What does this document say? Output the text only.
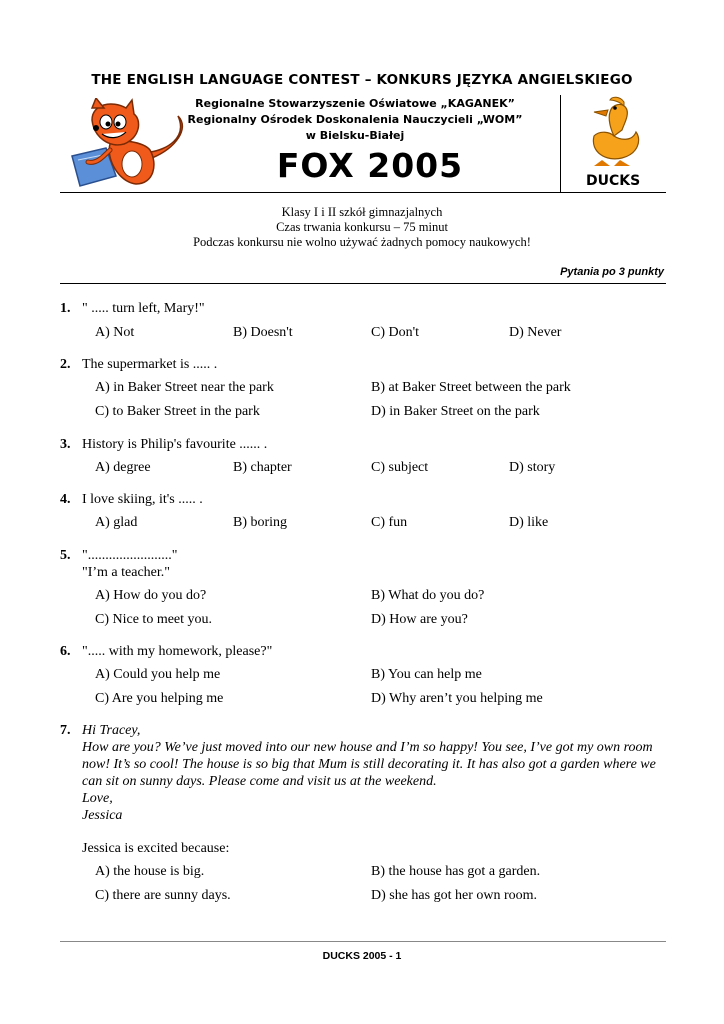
THE ENGLISH LANGUAGE CONTEST – KONKURS JĘZYKA ANGIELSKIEGO
Regionalne Stowarzyszenie Oświatowe „KAGANEK”
Regionalny Ośrodek Doskonalenia Nauczycieli „WOM”
w Bielsku-Białej
FOX 2005	DUCKS
Klasy I i II szkół gimnazjalnych
Czas trwania konkursu – 75 minut
Podczas konkursu nie wolno używać żadnych pomocy naukowych!
Pytania po 3 punkty
1. " ..... turn left, Mary!"
A) Not	B) Doesn't	C) Don't	D) Never
2. The supermarket is ..... .
A) in Baker Street near the park	B) at Baker Street between the park
C) to Baker Street in the park	D) in Baker Street on the park
3. History is Philip's favourite ...... .
A) degree	B) chapter	C) subject	D) story
4. I love skiing, it's ..... .
A) glad	B) boring	C) fun	D) like
5. "........................"
"I’m a teacher."
A) How do you do?	B) What do you do?
C) Nice to meet you.	D) How are you?
6. "..... with my homework, please?"
A) Could you help me	B) You can help me
C) Are you helping me	D) Why aren’t you helping me
7. Hi Tracey,
How are you? We’ve just moved into our new house and I’m so happy! You see, I’ve got my own room now! It’s so cool! The house is so big that Mum is still decorating it. It has also got a garden where we can sit on sunny days. Please come and visit us at the weekend.
Love,
Jessica
Jessica is excited because:
A) the house is big.	B) the house has got a garden.
C) there are sunny days.	D) she has got her own room.
DUCKS 2005 - 1
